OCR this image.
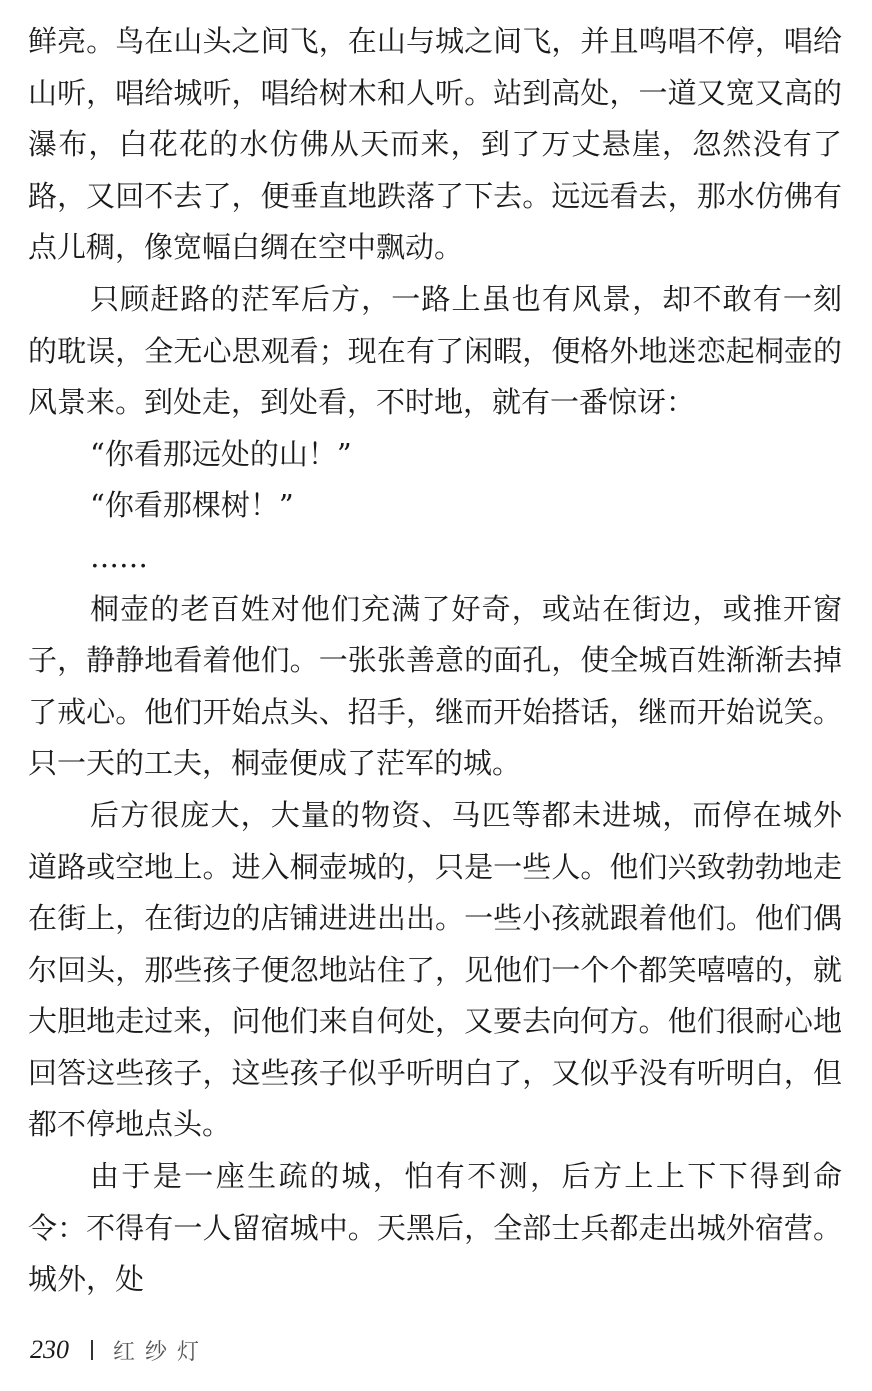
鲜亮。鸟在山头之间飞，在山与城之间飞，并且鸣唱不停，唱给山听，唱给城听，唱给树木和人听。站到高处，一道又宽又高的瀑布，白花花的水仿佛从天而来，到了万丈悬崖，忽然没有了路，又回不去了，便垂直地跌落了下去。远远看去，那水仿佛有点儿稠，像宽幅白绸在空中飘动。

只顾赶路的茫军后方，一路上虽也有风景，却不敢有一刻的耽误，全无心思观看；现在有了闲暇，便格外地迷恋起桐壶的风景来。到处走，到处看，不时地，就有一番惊讶：

“你看那远处的山！”

“你看那棵树！”

……

桐壶的老百姓对他们充满了好奇，或站在街边，或推开窗子，静静地看着他们。一张张善意的面孔，使全城百姓渐渐去掉了戒心。他们开始点头、招手，继而开始搭话，继而开始说笑。只一天的工夫，桐壶便成了茫军的城。

后方很庞大，大量的物资、马匹等都未进城，而停在城外道路或空地上。进入桐壶城的，只是一些人。他们兴致勃勃地走在街上，在街边的店铺进进出出。一些小孩就跟着他们。他们偶尔回头，那些孩子便忽地站住了，见他们一个个都笑嘻嘻的，就大胆地走过来，问他们来自何处，又要去向何方。他们很耐心地回答这些孩子，这些孩子似乎听明白了，又似乎没有听明白，但都不停地点头。

由于是一座生疏的城，怕有不测，后方上上下下得到命令：不得有一人留宿城中。天黑后，全部士兵都走出城外宿营。城外，处

230 红纱灯
